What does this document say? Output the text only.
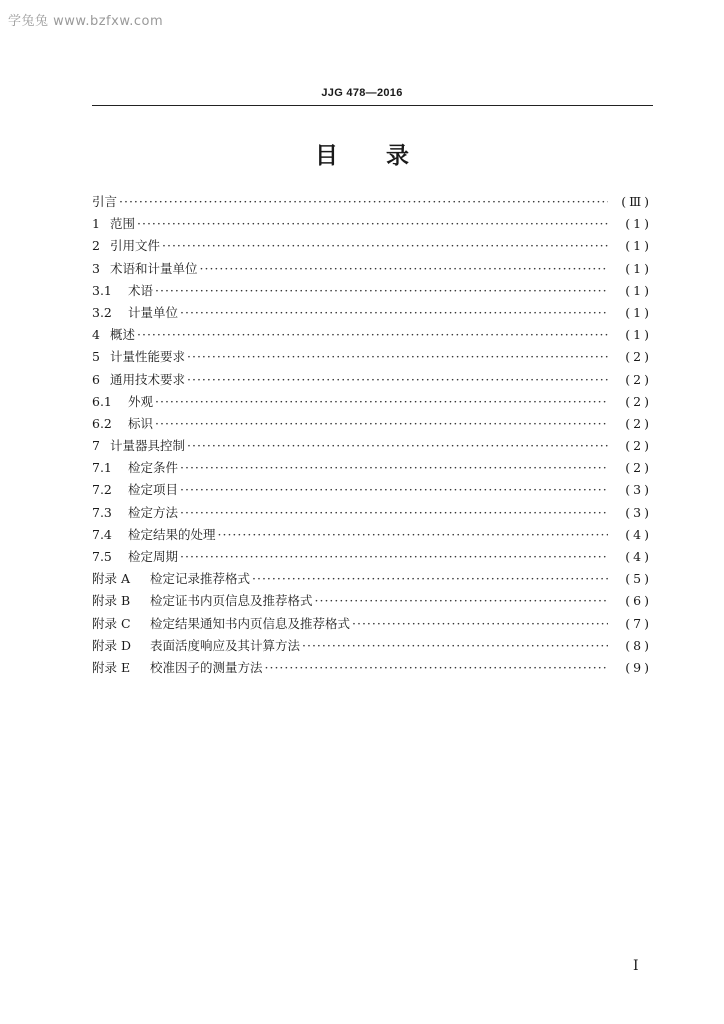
学兔兔 www.bzfxw.com
JJG 478—2016
目录
引言 ·····	(Ⅲ)
1 范围 ·····	(1)
2 引用文件 ·····	(1)
3 术语和计量单位 ·····	(1)
3.1	术语 ·····	(1)
3.2	计量单位 ·····	(1)
4 概述 ·····	(1)
5 计量性能要求 ·····	(2)
6 通用技术要求 ·····	(2)
6.1	外观 ·····	(2)
6.2	标识 ·····	(2)
7 计量器具控制 ·····	(2)
7.1	检定条件 ·····	(2)
7.2	检定项目 ·····	(3)
7.3	检定方法 ·····	(3)
7.4	检定结果的处理 ·····	(4)
7.5	检定周期 ·····	(4)
附录 A	检定记录推荐格式 ·····	(5)
附录 B	检定证书内页信息及推荐格式 ·····	(6)
附录 C	检定结果通知书内页信息及推荐格式 ·····	(7)
附录 D	表面活度响应及其计算方法 ·····	(8)
附录 E	校准因子的测量方法 ·····	(9)
I
